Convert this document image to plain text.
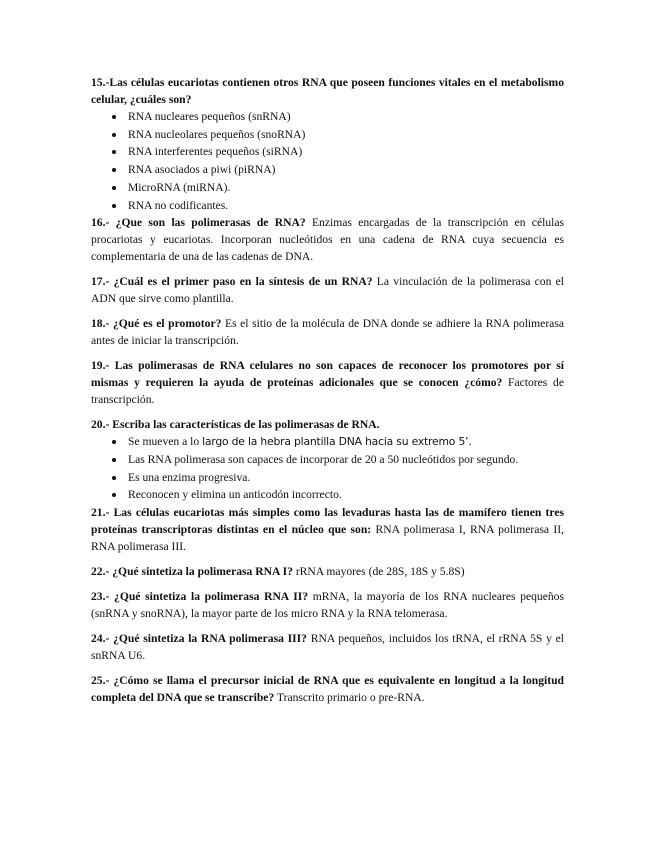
15.-Las células eucariotas contienen otros RNA que poseen funciones vitales en el metabolismo celular, ¿cuáles son?

RNA nucleares pequeños (snRNA)
RNA nucleolares pequeños (snoRNA)
RNA interferentes pequeños (siRNA)
RNA asociados a piwi (piRNA)
MicroRNA (miRNA).
RNA no codificantes.

16.- ¿Que son las polimerasas de RNA? Enzimas encargadas de la transcripción en células procariotas y eucariotas. Incorporan nucleótidos en una cadena de RNA cuya secuencia es complementaria de una de las cadenas de DNA.

17.- ¿Cuál es el primer paso en la síntesis de un RNA? La vinculación de la polimerasa con el ADN que sirve como plantilla.

18.- ¿Qué es el promotor? Es el sitio de la molécula de DNA donde se adhiere la RNA polimerasa antes de iniciar la transcripción.

19.- Las polimerasas de RNA celulares no son capaces de reconocer los promotores por sí mismas y requieren la ayuda de proteínas adicionales que se conocen ¿cómo? Factores de transcripción.

20.- Escriba las características de las polimerasas de RNA.

Se mueven a lo largo de la hebra plantilla DNA hacia su extremo 5’.
Las RNA polimerasa son capaces de incorporar de 20 a 50 nucleótidos por segundo.
Es una enzima progresiva.
Reconocen y elimina un anticodón incorrecto.

21.- Las células eucariotas más simples como las levaduras hasta las de mamífero tienen tres proteínas transcriptoras distintas en el núcleo que son: RNA polimerasa I, RNA polimerasa II, RNA polimerasa III.

22.- ¿Qué sintetiza la polimerasa RNA I? rRNA mayores (de 28S, 18S y 5.8S)

23.- ¿Qué sintetiza la polimerasa RNA II? mRNA, la mayoría de los RNA nucleares pequeños (snRNA y snoRNA), la mayor parte de los micro RNA y la RNA telomerasa.

24.- ¿Qué sintetiza la RNA polimerasa III? RNA pequeños, incluidos los tRNA, el rRNA 5S y el snRNA U6.

25.- ¿Cómo se llama el precursor inicial de RNA que es equivalente en longitud a la longitud completa del DNA que se transcribe? Transcrito primario o pre-RNA.
